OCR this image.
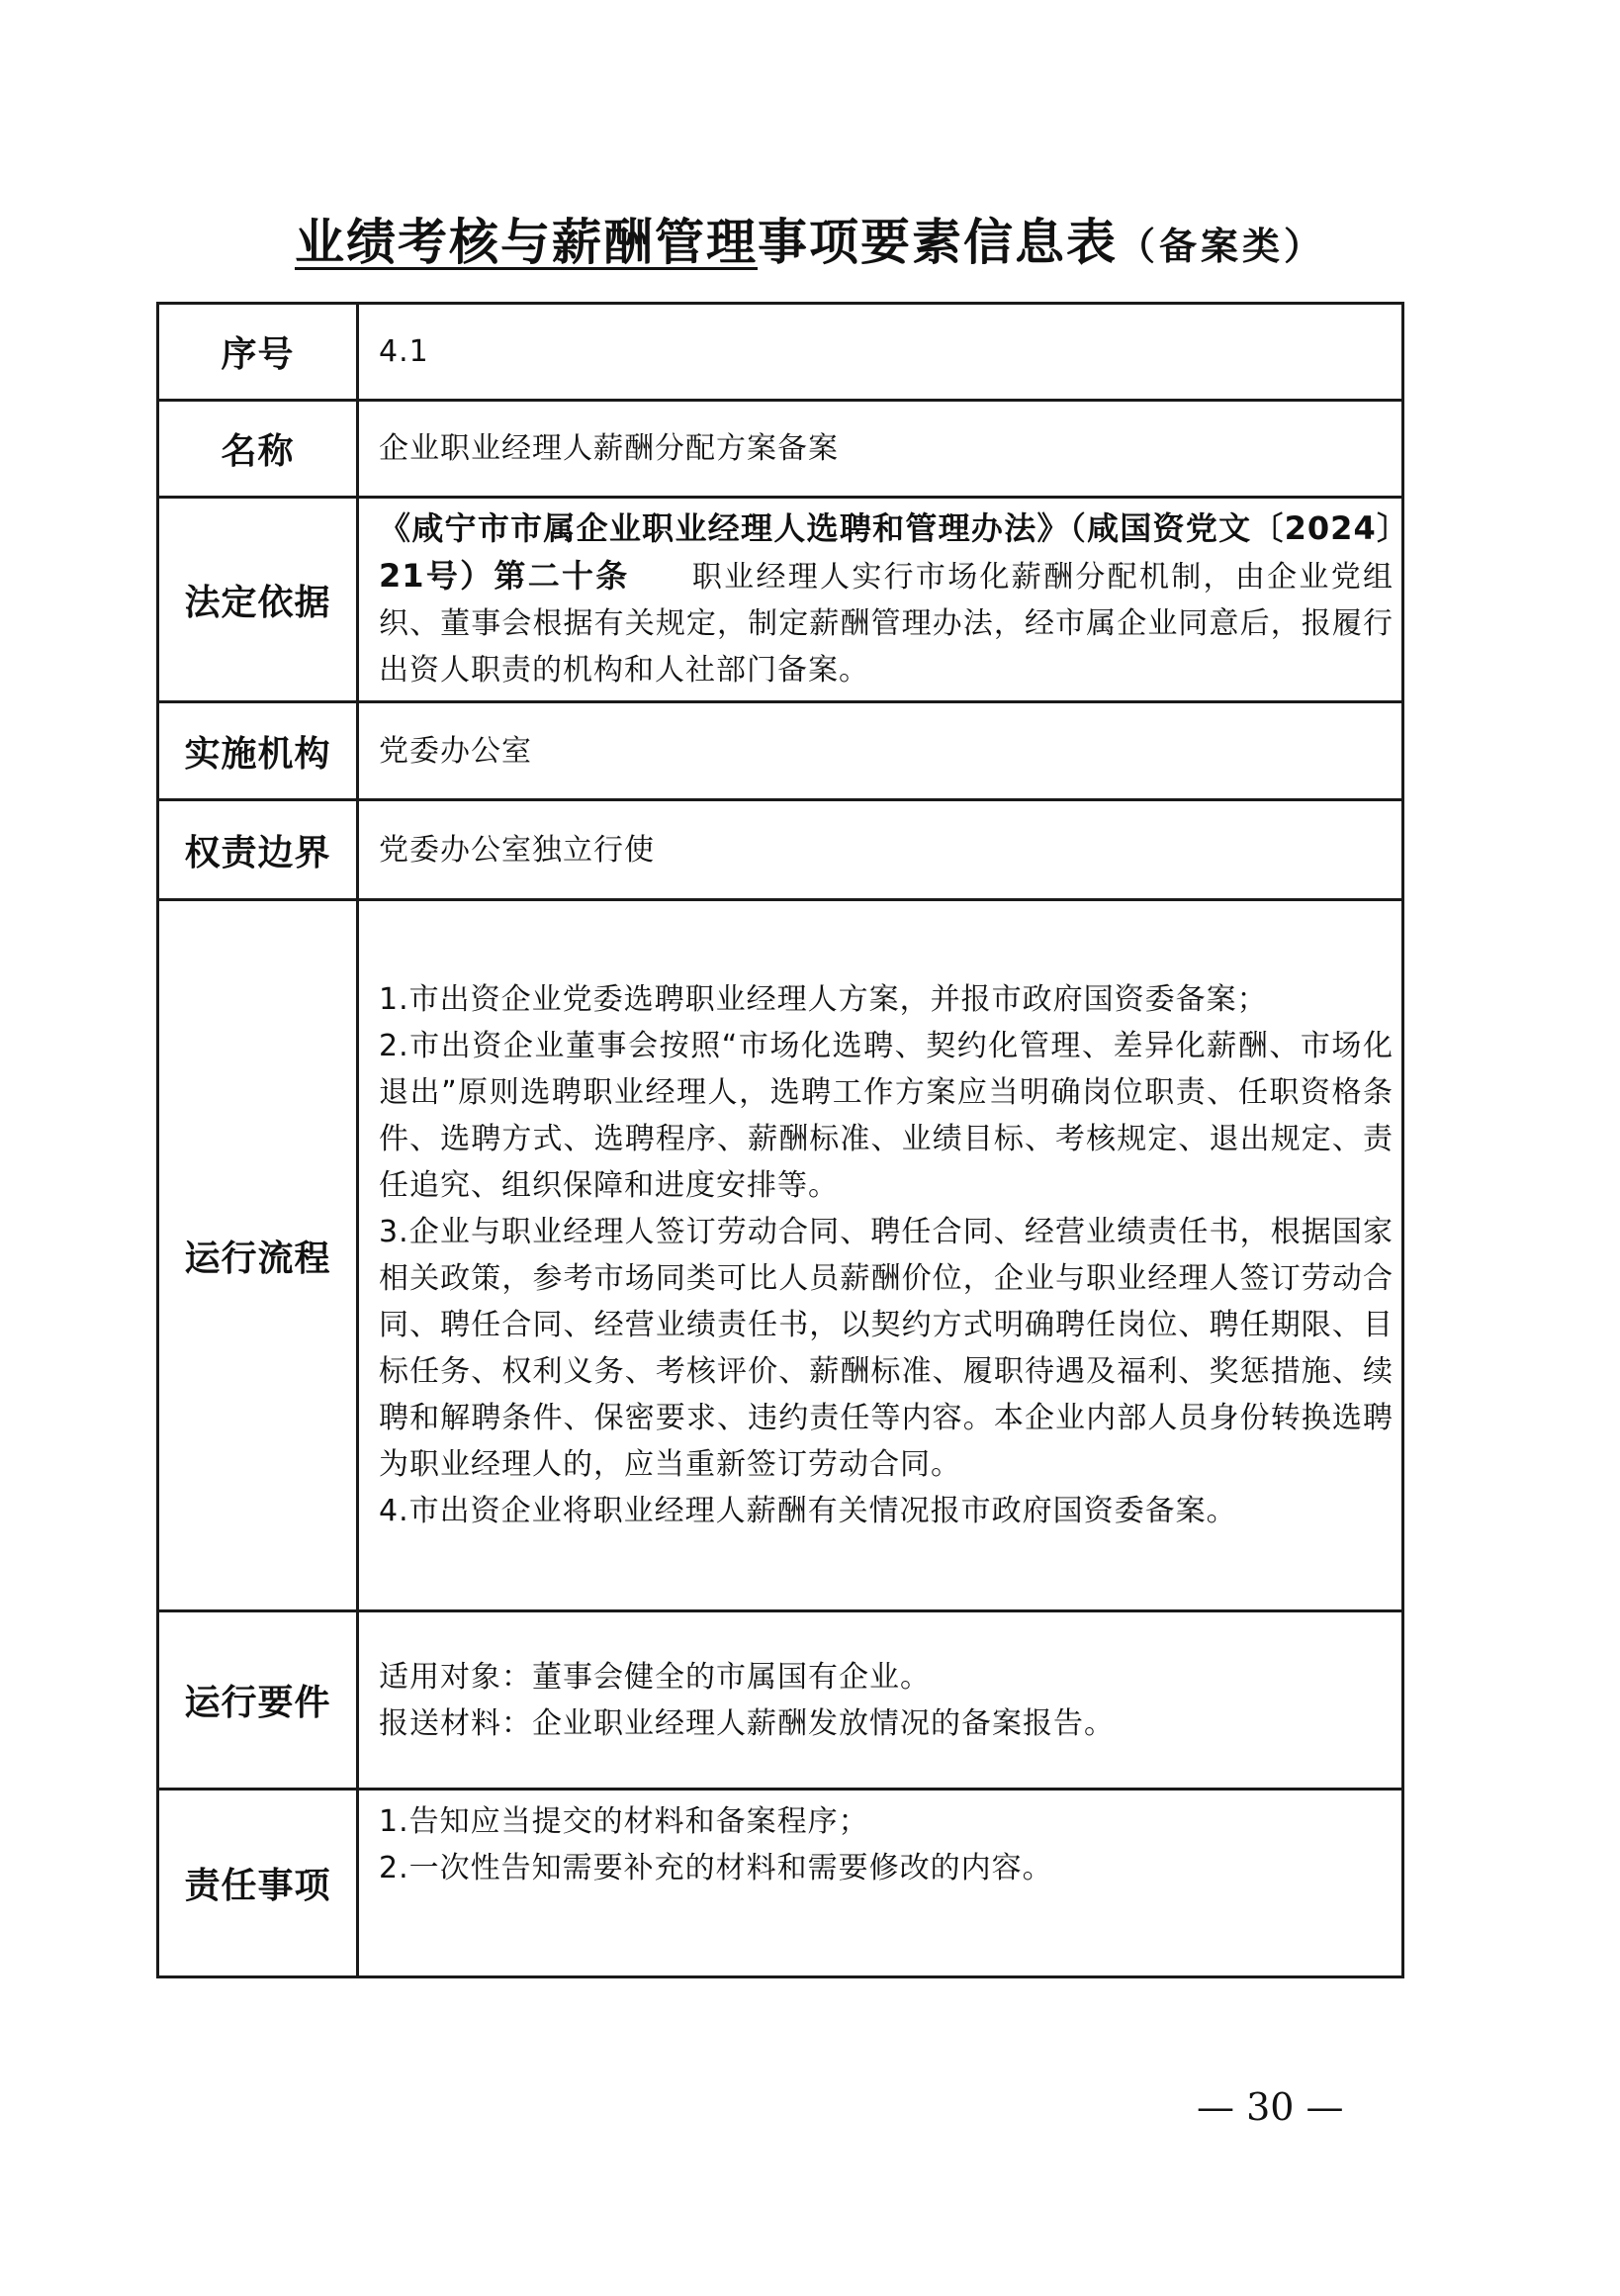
业绩考核与薪酬管理事项要素信息表（备案类）
序号	4.1
名称	企业职业经理人薪酬分配方案备案
法定依据	《咸宁市市属企业职业经理人选聘和管理办法》（咸国资党文〔2024〕21号）第二十条   职业经理人实行市场化薪酬分配机制，由企业党组织、董事会根据有关规定，制定薪酬管理办法，经市属企业同意后，报履行出资人职责的机构和人社部门备案。
实施机构	党委办公室
权责边界	党委办公室独立行使
运行流程	1.市出资企业党委选聘职业经理人方案，并报市政府国资委备案；
2.市出资企业董事会按照“市场化选聘、契约化管理、差异化薪酬、市场化退出”原则选聘职业经理人，选聘工作方案应当明确岗位职责、任职资格条件、选聘方式、选聘程序、薪酬标准、业绩目标、考核规定、退出规定、责任追究、组织保障和进度安排等。
3.企业与职业经理人签订劳动合同、聘任合同、经营业绩责任书，根据国家相关政策，参考市场同类可比人员薪酬价位，企业与职业经理人签订劳动合同、聘任合同、经营业绩责任书，以契约方式明确聘任岗位、聘任期限、目标任务、权利义务、考核评价、薪酬标准、履职待遇及福利、奖惩措施、续聘和解聘条件、保密要求、违约责任等内容。本企业内部人员身份转换选聘为职业经理人的，应当重新签订劳动合同。
4.市出资企业将职业经理人薪酬有关情况报市政府国资委备案。

运行要件	适用对象：董事会健全的市属国有企业。
报送材料：企业职业经理人薪酬发放情况的备案报告。

责任事项	1.告知应当提交的材料和备案程序；
2.一次性告知需要补充的材料和需要修改的内容。
— 30 —
